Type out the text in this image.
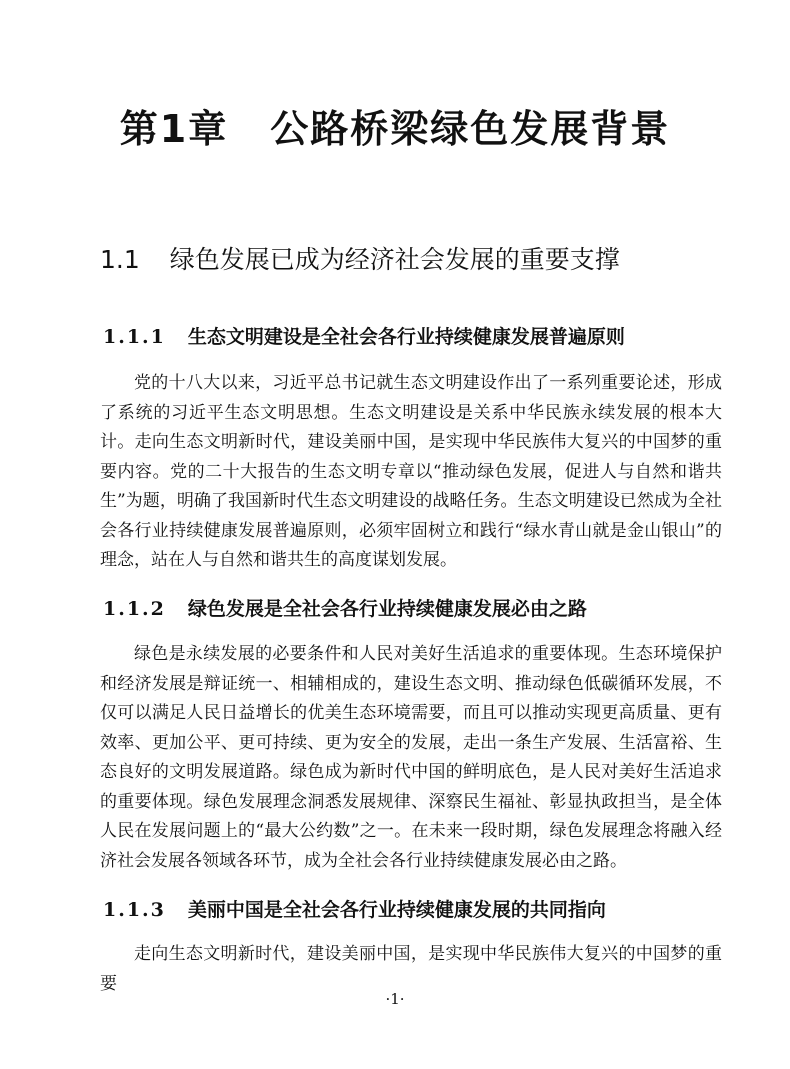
第1章 公路桥梁绿色发展背景
1.1 绿色发展已成为经济社会发展的重要支撑
1.1.1 生态文明建设是全社会各行业持续健康发展普遍原则

党的十八大以来，习近平总书记就生态文明建设作出了一系列重要论述，形成了系统的习近平生态文明思想。生态文明建设是关系中华民族永续发展的根本大计。走向生态文明新时代，建设美丽中国，是实现中华民族伟大复兴的中国梦的重要内容。党的二十大报告的生态文明专章以“推动绿色发展，促进人与自然和谐共生”为题，明确了我国新时代生态文明建设的战略任务。生态文明建设已然成为全社会各行业持续健康发展普遍原则，必须牢固树立和践行“绿水青山就是金山银山”的理念，站在人与自然和谐共生的高度谋划发展。

1.1.2 绿色发展是全社会各行业持续健康发展必由之路

绿色是永续发展的必要条件和人民对美好生活追求的重要体现。生态环境保护和经济发展是辩证统一、相辅相成的，建设生态文明、推动绿色低碳循环发展，不仅可以满足人民日益增长的优美生态环境需要，而且可以推动实现更高质量、更有效率、更加公平、更可持续、更为安全的发展，走出一条生产发展、生活富裕、生态良好的文明发展道路。绿色成为新时代中国的鲜明底色，是人民对美好生活追求的重要体现。绿色发展理念洞悉发展规律、深察民生福祉、彰显执政担当，是全体人民在发展问题上的“最大公约数”之一。在未来一段时期，绿色发展理念将融入经济社会发展各领域各环节，成为全社会各行业持续健康发展必由之路。

1.1.3 美丽中国是全社会各行业持续健康发展的共同指向

走向生态文明新时代，建设美丽中国，是实现中华民族伟大复兴的中国梦的重要

·1·
